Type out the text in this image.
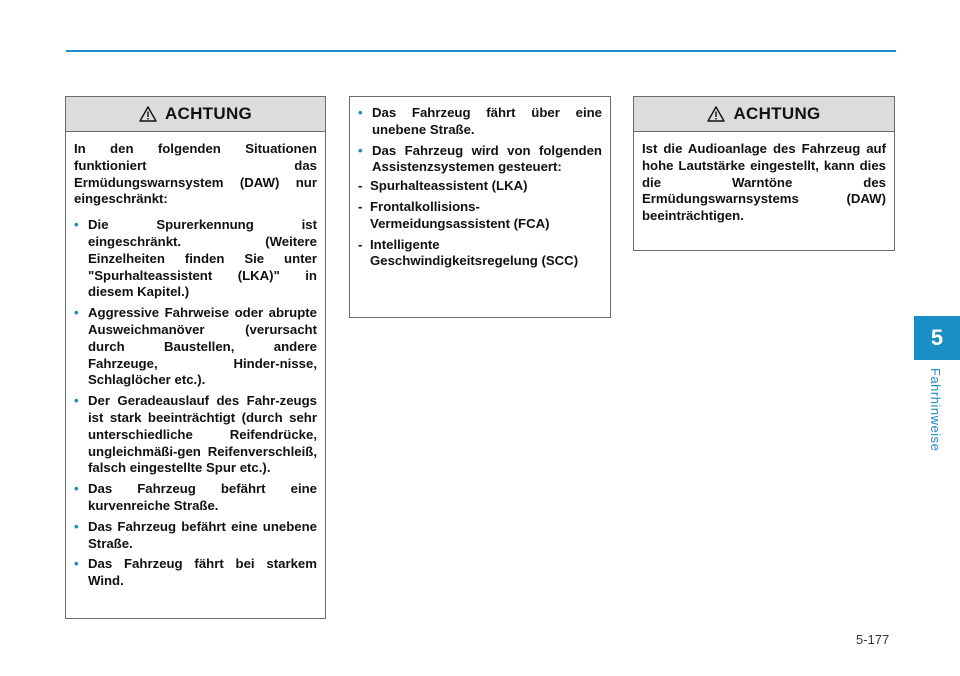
ACHTUNG

In den folgenden Situationen funktioniert das Ermüdungswarnsystem (DAW) nur eingeschränkt:

• Die Spurerkennung ist eingeschränkt. (Weitere Einzelheiten finden Sie unter "Spurhalteassistent (LKA)" in diesem Kapitel.)
• Aggressive Fahrweise oder abrupte Ausweichmanöver (verursacht durch Baustellen, andere Fahrzeuge, Hinder-nisse, Schlaglöcher etc.).
• Der Geradeauslauf des Fahr-zeugs ist stark beeinträchtigt (durch sehr unterschiedliche Reifendrücke, ungleichmäßi-gen Reifenverschleiß, falsch eingestellte Spur etc.).
• Das Fahrzeug befährt eine kurvenreiche Straße.
• Das Fahrzeug befährt eine unebene Straße.
• Das Fahrzeug fährt bei starkem Wind.
• Das Fahrzeug fährt über eine unebene Straße.
• Das Fahrzeug wird von folgenden Assistenzsystemen gesteuert:
- Spurhalteassistent (LKA)
- Frontalkollisions-Vermeidungsassistent (FCA)
- Intelligente Geschwindigkeitsregelung (SCC)
ACHTUNG

Ist die Audioanlage des Fahrzeug auf hohe Lautstärke eingestellt, kann dies die Warntöne des Ermüdungswarnsystems (DAW) beeinträchtigen.

5
Fahrhinweise
5-177
